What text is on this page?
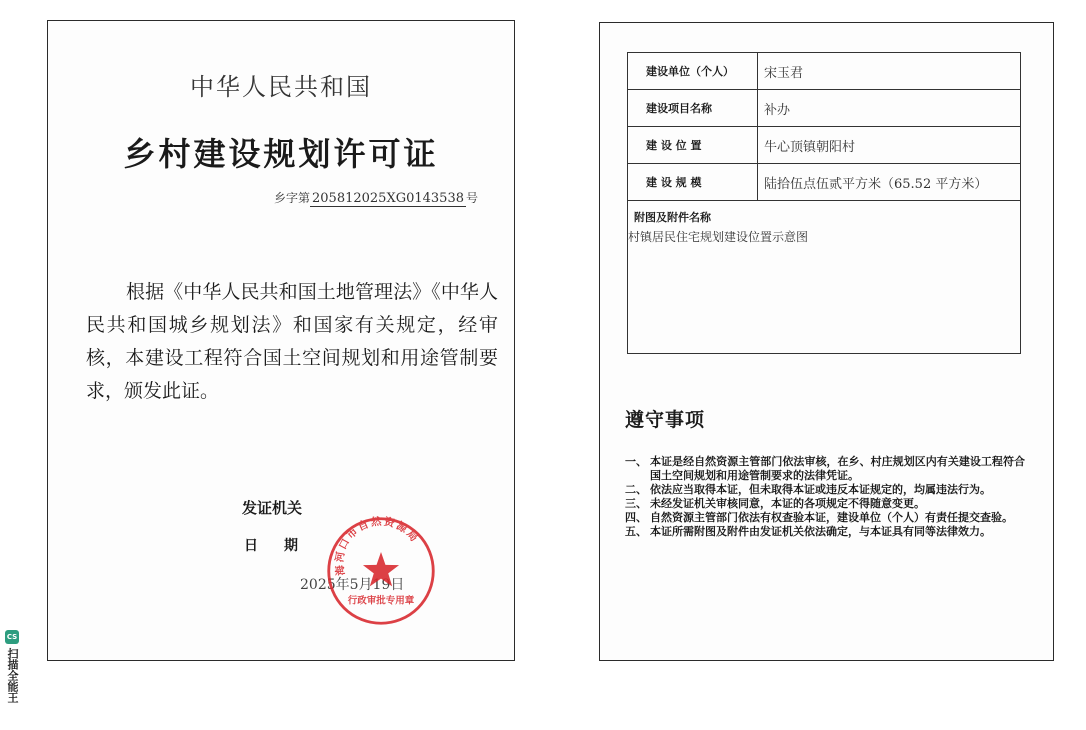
中华人民共和国
乡村建设规划许可证
乡字第 205812025XG0143538 号
根据《中华人民共和国土地管理法》《中华人民共和国城乡规划法》和国家有关规定，经审核，本建设工程符合国土空间规划和用途管制要求，颁发此证。
发证机关
日期
2025年5月19日
海河口市自然资源局
行政审批专用章
建设单位（个人）	宋玉君
建设项目名称	补办
建 设 位 置	牛心顶镇朝阳村
建 设 规 模	陆拾伍点伍贰平方米（65.52 平方米）
附图及附件名称
村镇居民住宅规划建设位置示意图
遵守事项
一、 本证是经自然资源主管部门依法审核，在乡、村庄规划区内有关建设工程符合国土空间规划和用途管制要求的法律凭证。
二、 依法应当取得本证，但未取得本证或违反本证规定的，均属违法行为。
三、 未经发证机关审核同意，本证的各项规定不得随意变更。
四、 自然资源主管部门依法有权查验本证，建设单位（个人）有责任提交查验。
五、 本证所需附图及附件由发证机关依法确定，与本证具有同等法律效力。
CS
扫描全能王
